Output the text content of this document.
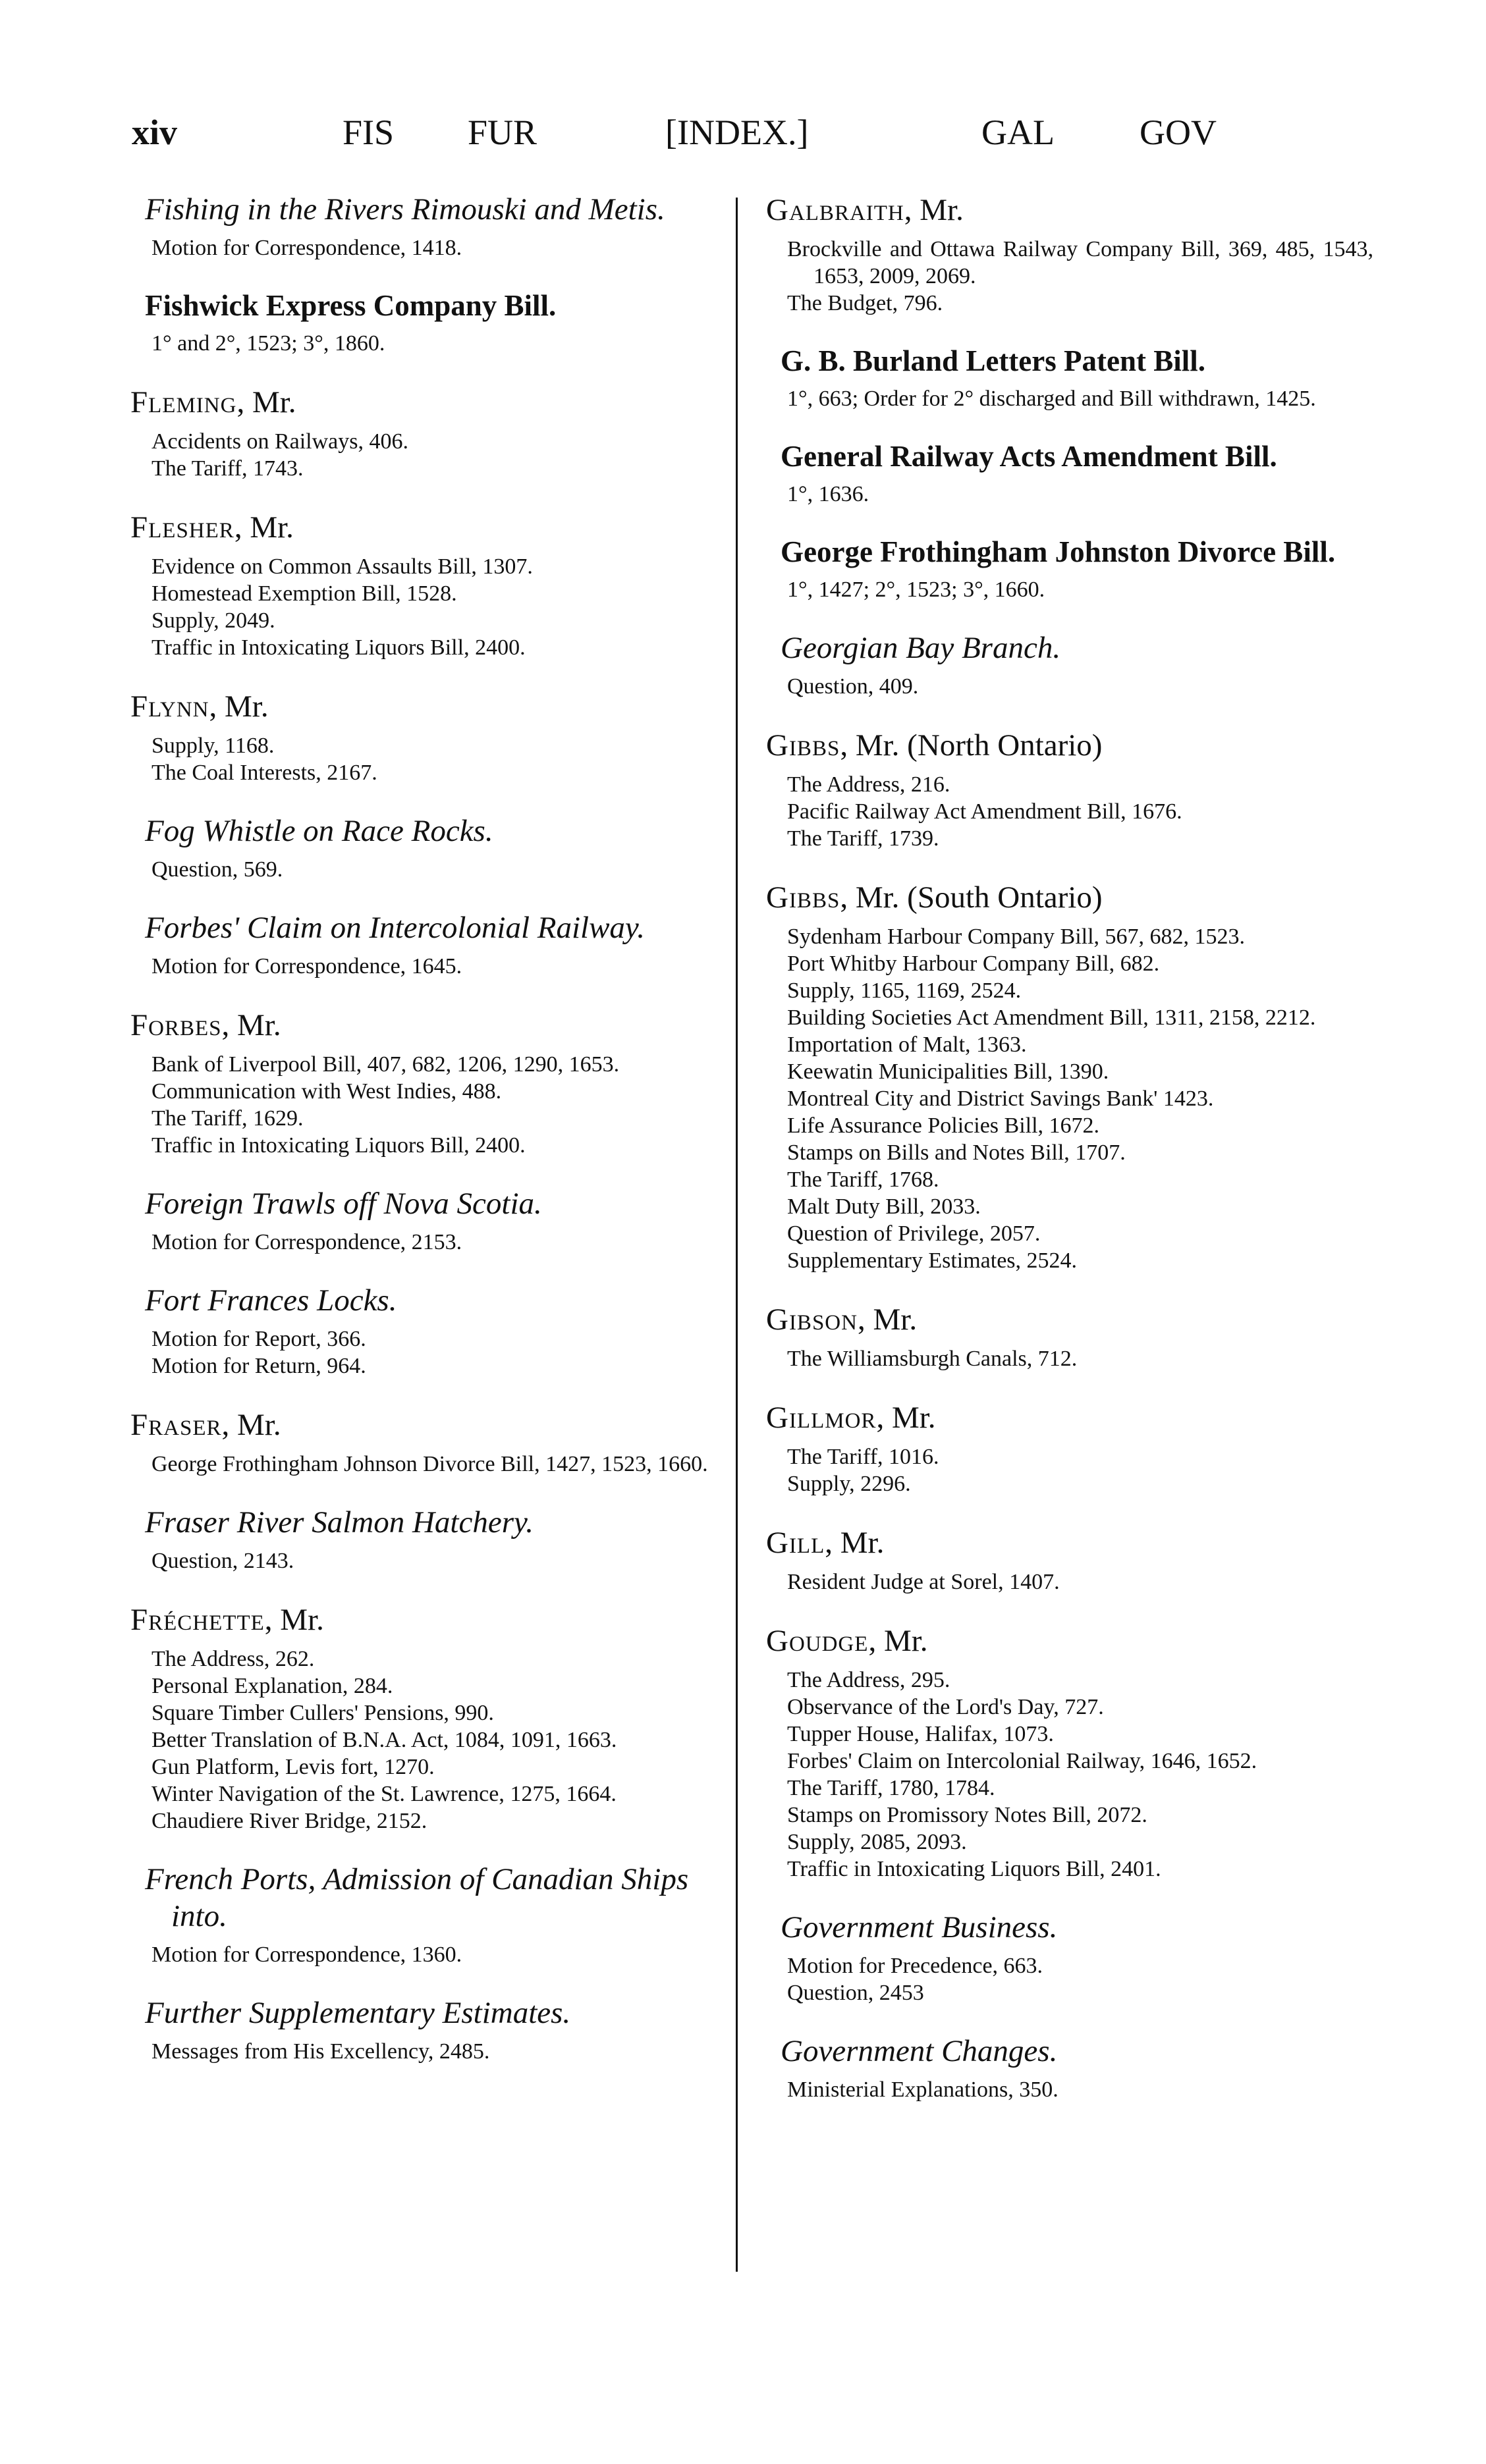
xiv	FIS FUR	[INDEX.]	GAL GOV
Fishing in the Rivers Rimouski and Metis.
Motion for Correspondence, 1418.
Fishwick Express Company Bill.
1° and 2°, 1523; 3°, 1860.
Fleming, Mr.
Accidents on Railways, 406.
The Tariff, 1743.
Flesher, Mr.
Evidence on Common Assaults Bill, 1307.
Homestead Exemption Bill, 1528.
Supply, 2049.
Traffic in Intoxicating Liquors Bill, 2400.
Flynn, Mr.
Supply, 1168.
The Coal Interests, 2167.
Fog Whistle on Race Rocks.
Question, 569.
Forbes' Claim on Intercolonial Railway.
Motion for Correspondence, 1645.
Forbes, Mr.
Bank of Liverpool Bill, 407, 682, 1206, 1290, 1653.
Communication with West Indies, 488.
The Tariff, 1629.
Traffic in Intoxicating Liquors Bill, 2400.
Foreign Trawls off Nova Scotia.
Motion for Correspondence, 2153.
Fort Frances Locks.
Motion for Report, 366.
Motion for Return, 964.
Fraser, Mr.
George Frothingham Johnson Divorce Bill, 1427, 1523, 1660.
Fraser River Salmon Hatchery.
Question, 2143.
Fréchette, Mr.
The Address, 262.
Personal Explanation, 284.
Square Timber Cullers' Pensions, 990.
Better Translation of B.N.A. Act, 1084, 1091, 1663.
Gun Platform, Levis fort, 1270.
Winter Navigation of the St. Lawrence, 1275, 1664.
Chaudiere River Bridge, 2152.
French Ports, Admission of Canadian Ships into.
Motion for Correspondence, 1360.
Further Supplementary Estimates.
Messages from His Excellency, 2485.
Galbraith, Mr.
Brockville and Ottawa Railway Company Bill, 369, 485, 1543, 1653, 2009, 2069.
The Budget, 796.
G. B. Burland Letters Patent Bill.
1°, 663; Order for 2° discharged and Bill withdrawn, 1425.
General Railway Acts Amendment Bill.
1°, 1636.
George Frothingham Johnston Divorce Bill.
1°, 1427; 2°, 1523; 3°, 1660.
Georgian Bay Branch.
Question, 409.
Gibbs, Mr. (North Ontario)
The Address, 216.
Pacific Railway Act Amendment Bill, 1676.
The Tariff, 1739.
Gibbs, Mr. (South Ontario)
Sydenham Harbour Company Bill, 567, 682, 1523.
Port Whitby Harbour Company Bill, 682.
Supply, 1165, 1169, 2524.
Building Societies Act Amendment Bill, 1311, 2158, 2212.
Importation of Malt, 1363.
Keewatin Municipalities Bill, 1390.
Montreal City and District Savings Bank' 1423.
Life Assurance Policies Bill, 1672.
Stamps on Bills and Notes Bill, 1707.
The Tariff, 1768.
Malt Duty Bill, 2033.
Question of Privilege, 2057.
Supplementary Estimates, 2524.
Gibson, Mr.
The Williamsburgh Canals, 712.
Gillmor, Mr.
The Tariff, 1016.
Supply, 2296.
Gill, Mr.
Resident Judge at Sorel, 1407.
Goudge, Mr.
The Address, 295.
Observance of the Lord's Day, 727.
Tupper House, Halifax, 1073.
Forbes' Claim on Intercolonial Railway, 1646, 1652.
The Tariff, 1780, 1784.
Stamps on Promissory Notes Bill, 2072.
Supply, 2085, 2093.
Traffic in Intoxicating Liquors Bill, 2401.
Government Business.
Motion for Precedence, 663.
Question, 2453
Government Changes.
Ministerial Explanations, 350.
